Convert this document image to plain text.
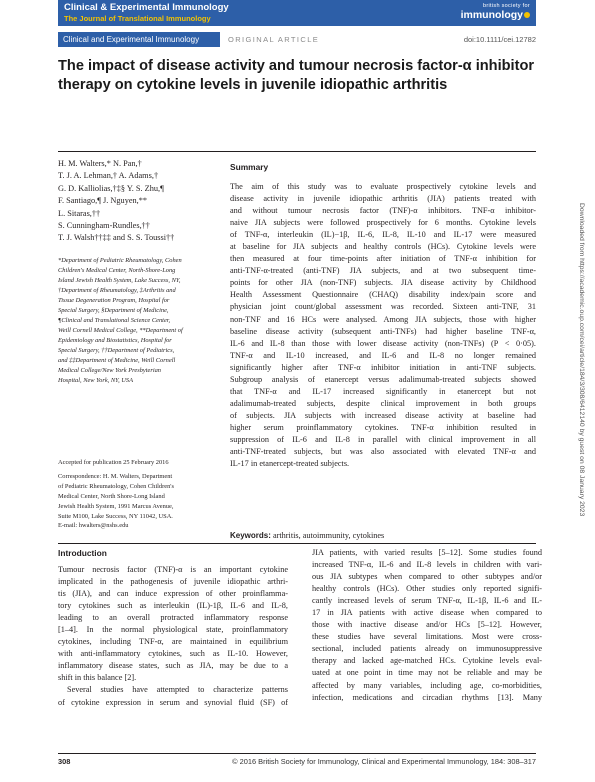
Clinical & Experimental Immunology
The Journal of Translational Immunology
british society for
immunology
Clinical and Experimental Immunology	ORIGINAL ARTICLE	doi:10.1111/cei.12782
The impact of disease activity and tumour necrosis factor-α inhibitor therapy on cytokine levels in juvenile idiopathic arthritis
H. M. Walters,* N. Pan,†
T. J. A. Lehman,† A. Adams,†
G. D. Kalliolias,†‡§ Y. S. Zhu,¶
F. Santiago,¶ J. Nguyen,**
L. Sitaras,††
S. Cunningham-Rundles,††
T. J. Walsh††‡‡ and S. S. Toussi††
*Department of Pediatric Rheumatology, Cohen
Children's Medical Center, North-Shore-Long
Island Jewish Health System, Lake Success, NY,
†Department of Rheumatology, ‡Arthritis and
Tissue Degeneration Program, Hospital for
Special Surgery, §Department of Medicine,
¶Clinical and Translational Science Center,
Weill Cornell Medical College, **Department of
Epidemiology and Biostatistics, Hospital for
Special Surgery, ††Department of Pediatrics,
and ‡‡Department of Medicine, Weill Cornell
Medical College/New York Presbyterian
Hospital, New York, NY, USA
Accepted for publication 25 February 2016
Correspondence: H. M. Walters, Department
of Pediatric Rheumatology, Cohen Children's
Medical Center, North Shore-Long Island
Jewish Health System, 1991 Marcus Avenue,
Suite M100, Lake Success, NY 11042, USA.
E-mail: hwalters@nshs.edu
Summary
The aim of this study was to evaluate prospectively cytokine levels and
disease activity in juvenile idiopathic arthritis (JIA) patients treated with
and without tumour necrosis factor (TNF)-α inhibitors. TNF-α inhibitor-
naive JIA subjects were followed prospectively for 6 months. Cytokine levels
of TNF-α, interleukin (IL)−1β, IL-6, IL-8, IL-10 and IL-17 were measured
at baseline for JIA subjects and healthy controls (HCs). Cytokine levels were
then measured at four time-points after initiation of TNF-α inhibition for
anti-TNF-α-treated (anti-TNF) JIA subjects, and at two subsequent time-
points for other JIA (non-TNF) subjects. JIA disease activity by Childhood
Health Assessment Questionnaire (CHAQ) disability index/pain score and
physician joint count/global assessment was recorded. Sixteen anti-TNF, 31
non-TNF and 16 HCs were analysed. Among JIA subjects, those with higher
baseline disease activity (subsequent anti-TNFs) had higher baseline TNF-α,
IL-6 and IL-8 than those with lower disease activity (non-TNFs) (P < 0·05).
TNF-α and IL-10 increased, and IL-6 and IL-8 no longer remained
significantly higher after TNF-α inhibitor initiation in anti-TNF subjects.
Subgroup analysis of etanercept versus adalimumab-treated subjects showed
that TNF-α and IL-17 increased significantly in etanercept but not
adalimumab-treated subjects, despite clinical improvement in both groups
of subjects. JIA subjects with increased disease activity at baseline had
higher serum proinflammatory cytokines. TNF-α inhibition resulted in
suppression of IL-6 and IL-8 in parallel with clinical improvement in all
anti-TNF-treated subjects, but was also associated with elevated TNF-α and
IL-17 in etanercept-treated subjects.
Keywords: arthritis, autoimmunity, cytokines
Introduction
Tumour necrosis factor (TNF)-α is an important cytokine
implicated in the pathogenesis of juvenile idiopathic arthri-
tis (JIA), and can induce expression of other proinflamma-
tory cytokines such as interleukin (IL)-1β, IL-6 and IL-8,
leading to an overall protracted inflammatory response
[1–4]. In the normal physiological state, proinflammatory
cytokines, including TNF-α, are maintained in equilibrium
with anti-inflammatory cytokines, such as IL-10. However,
inflammatory disease states, such as JIA, may be due to a
shift in this balance [2].
Several studies have attempted to characterize patterns
of cytokine expression in serum and synovial fluid (SF) of
JIA patients, with varied results [5–12]. Some studies found
increased TNF-α, IL-6 and IL-8 levels in children with vari-
ous JIA subtypes when compared to other subtypes and/or
healthy controls (HCs). Other studies only reported signifi-
cantly increased levels of serum TNF-α, IL-1β, IL-6 and IL-
17 in JIA patients with active disease when compared to
those with inactive disease and/or HCs [5–12]. However,
these studies have several limitations. Most were cross-
sectional, included patients already on immunosuppressive
therapy and lacked age-matched HCs. Cytokine levels eval-
uated at one point in time may not be reliable and may be
affected by many variables, including age, co-morbidities,
infection, medications and circadian rhythms [13]. Many
308	© 2016 British Society for Immunology, Clinical and Experimental Immunology, 184: 308–317
Downloaded from https://academic.oup.com/cei/article/184/3/308/6412140 by guest on 08 January 2023
